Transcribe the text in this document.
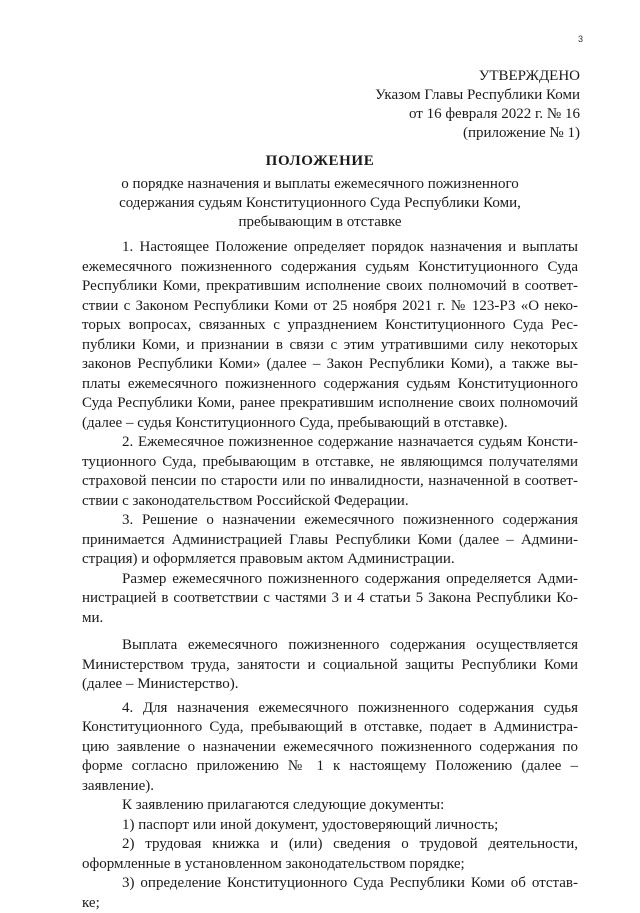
3
УТВЕРЖДЕНО
Указом Главы Республики Коми
от 16 февраля 2022 г. № 16
(приложение № 1)
ПОЛОЖЕНИЕ
о порядке назначения и выплаты ежемесячного пожизненного
содержания судьям Конституционного Суда Республики Коми,
пребывающим в отставке
1. Настоящее Положение определяет порядок назначения и выплаты
ежемесячного пожизненного содержания судьям Конституционного Суда
Республики Коми, прекратившим исполнение своих полномочий в соответ-
ствии с Законом Республики Коми от 25 ноября 2021 г. № 123-РЗ «О неко-
торых вопросах, связанных с упразднением Конституционного Суда Рес-
публики Коми, и признании в связи с этим утратившими силу некоторых
законов Республики Коми» (далее – Закон Республики Коми), а также вы-
платы ежемесячного пожизненного содержания судьям Конституционного
Суда Республики Коми, ранее прекратившим исполнение своих полномочий
(далее – судья Конституционного Суда, пребывающий в отставке).
2. Ежемесячное пожизненное содержание назначается судьям Консти-
туционного Суда, пребывающим в отставке, не являющимся получателями
страховой пенсии по старости или по инвалидности, назначенной в соответ-
ствии с законодательством Российской Федерации.
3. Решение о назначении ежемесячного пожизненного содержания
принимается Администрацией Главы Республики Коми (далее – Админи-
страция) и оформляется правовым актом Администрации.
Размер ежемесячного пожизненного содержания определяется Адми-
нистрацией в соответствии с частями 3 и 4 статьи 5 Закона Республики Ко-
ми.
Выплата ежемесячного пожизненного содержания осуществляется
Министерством труда, занятости и социальной защиты Республики Коми
(далее – Министерство).
4. Для назначения ежемесячного пожизненного содержания судья
Конституционного Суда, пребывающий в отставке, подает в Администра-
цию заявление о назначении ежемесячного пожизненного содержания по
форме согласно приложению № 1 к настоящему Положению (далее –
заявление).
К заявлению прилагаются следующие документы:
1) паспорт или иной документ, удостоверяющий личность;
2) трудовая книжка и (или) сведения о трудовой деятельности,
оформленные в установленном законодательством порядке;
3) определение Конституционного Суда Республики Коми об отстав-
ке;
